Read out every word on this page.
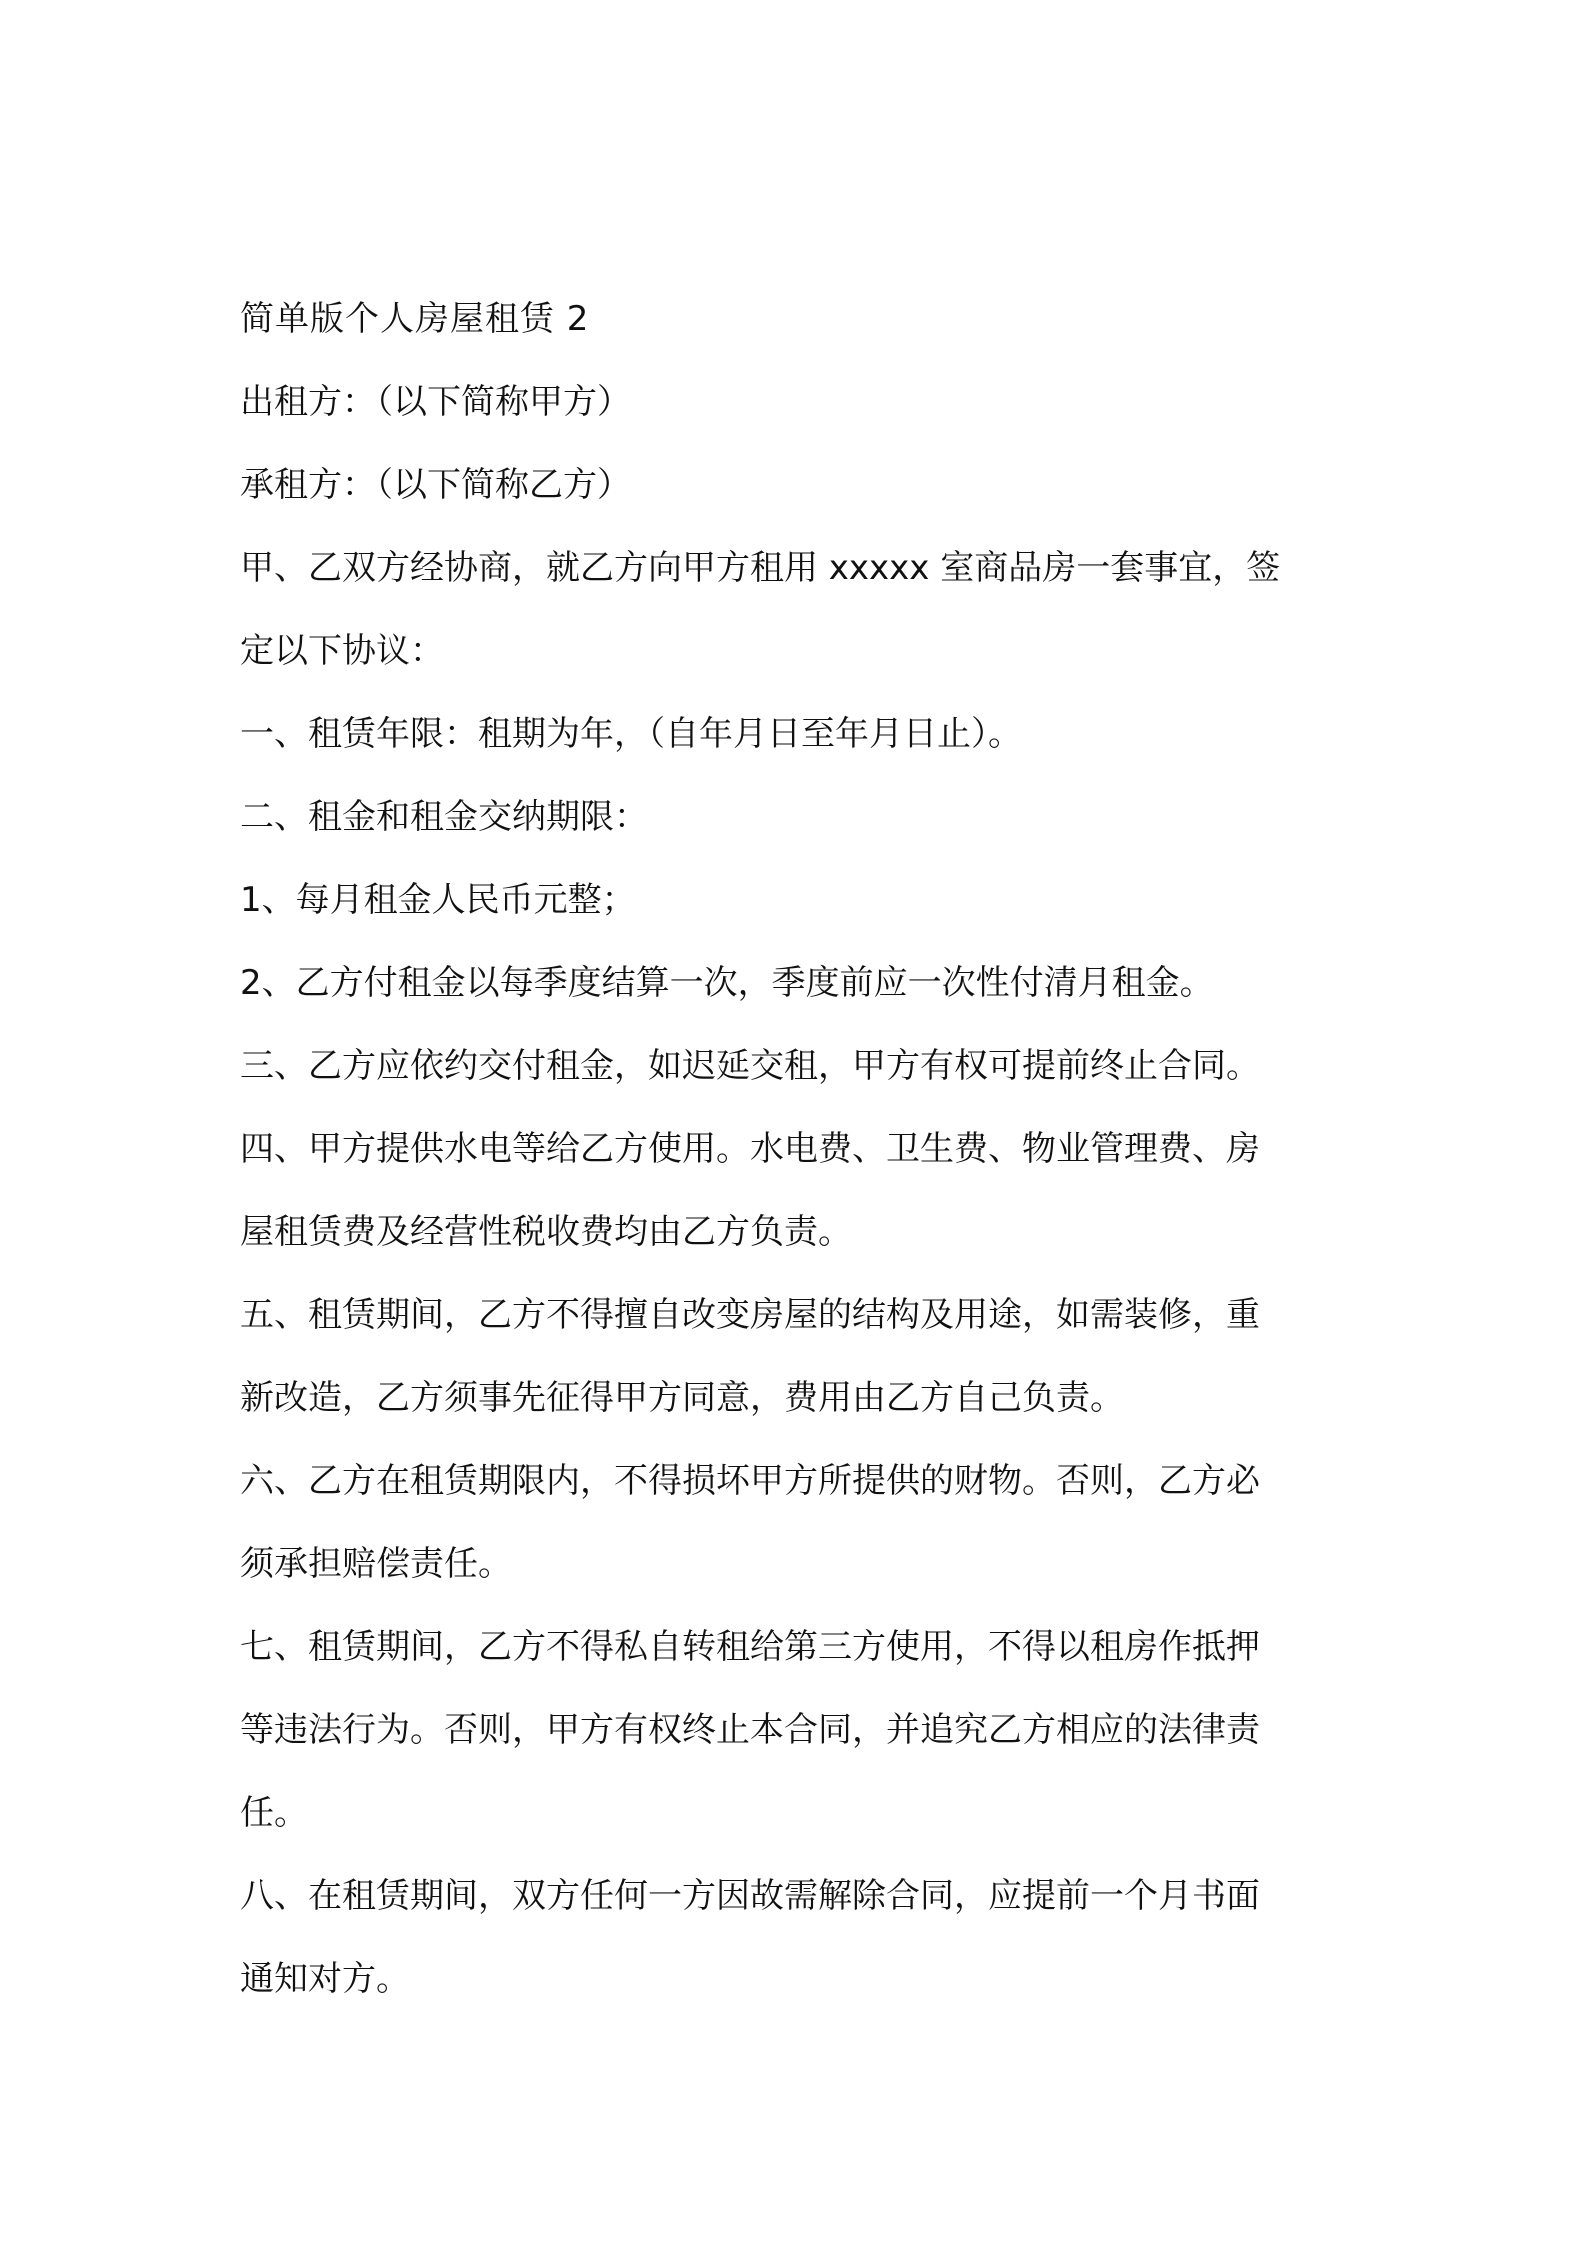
简单版个人房屋租赁 2
出租方：（以下简称甲方）
承租方：（以下简称乙方）
甲、乙双方经协商，就乙方向甲方租用 xxxxx 室商品房一套事宜，签
定以下协议：
一、租赁年限：租期为年，（自年月日至年月日止）。
二、租金和租金交纳期限：
1、每月租金人民币元整；
2、乙方付租金以每季度结算一次，季度前应一次性付清月租金。
三、乙方应依约交付租金，如迟延交租，甲方有权可提前终止合同。
四、甲方提供水电等给乙方使用。水电费、卫生费、物业管理费、房
屋租赁费及经营性税收费均由乙方负责。
五、租赁期间，乙方不得擅自改变房屋的结构及用途，如需装修，重
新改造，乙方须事先征得甲方同意，费用由乙方自己负责。
六、乙方在租赁期限内，不得损坏甲方所提供的财物。否则，乙方必
须承担赔偿责任。
七、租赁期间，乙方不得私自转租给第三方使用，不得以租房作抵押
等违法行为。否则，甲方有权终止本合同，并追究乙方相应的法律责
任。
八、在租赁期间，双方任何一方因故需解除合同，应提前一个月书面
通知对方。
